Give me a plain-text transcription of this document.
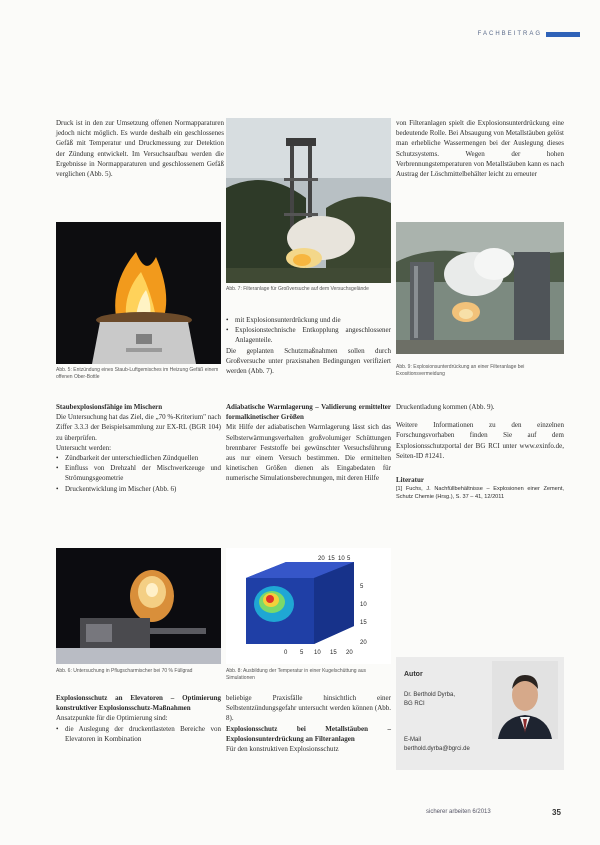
FACHBEITRAG

Druck ist in den zur Umsetzung offenen Normapparaturen jedoch nicht möglich. Es wurde deshalb ein geschlossenes Gefäß mit Temperatur und Druckmessung zur Detektion der Zündung entwickelt. Im Versuchsaufbau werden die Ergebnisse in Normapparaturen und geschlossenem Gefäß verglichen (Abb. 5).

von Filteranlagen spielt die Explosionsunterdrückung eine bedeutende Rolle. Bei Absaugung von Metallstäuben gelöst man erhebliche Wassermengen bei der Auslegung dieses Schutzsystems. Wegen der hohen Verbrennungstemperaturen von Metallstäuben kann es nach Austrag der Löschmittelbehälter leicht zu erneuter

Abb. 5: Entzündung eines Staub-Luftgemisches im Heizung Gefäß einem offenen Ober-Bottle
Abb. 7: Filteranlage für Großversuche auf dem Versuchsgelände
• mit Explosionsunterdrückung und die
• Explosionstechnische Entkopplung angeschlossener Anlagenteile.

Die geplanten Schutzmaßnahmen sollen durch Großversuche unter praxisnahen Bedingungen verifiziert werden (Abb. 7).

Abb. 9: Explosionsunterdrückung an einer Filteranlage bei Exositionsvermeidung

Staubexplosionsfähige im Mischern

Die Untersuchung hat das Ziel, die „70 %-Kriterium" nach Ziffer 3.3.3 der Beispielsammlung zur EX-RL (BGR 104) zu überprüfen.

Untersucht werden:

• Zündbarkeit der unterschiedlichen Zündquellen
• Einfluss von Drehzahl der Mischwerkzeuge und Strömungsgeometrie
• Druckentwicklung im Mischer (Abb. 6)

Adiabatische Warmlagerung – Validierung ermittelter formalkinetischer Größen

Mit Hilfe der adiabatischen Warmlagerung lässt sich das Selbsterwärmungsverhalten großvolumiger Schüttungen brennbarer Feststoffe bei gewünschter Versuchsführung aus nur einem Versuch bestimmen. Die ermittelten kinetischen Größen dienen als Eingabedaten für numerische Simulationsberechnungen, mit deren Hilfe

Druckentladung kommen (Abb. 9).

Weitere Informationen zu den einzelnen Forschungsvorhaben finden Sie auf dem Explosionsschutzportal der BG RCI unter www.exinfo.de, Seiten-ID #1241.

Literatur

[1] Fuchs, J. Nachfüllbehältnisse – Explosionen einer Zement, Schutz Chemie (Hrsg.), S. 37 – 41, 12/2011

Abb. 6: Untersuchung in Pflugscharmischer bei 70 % Füllgrad
20 15 10 5
0 5 10 15 20
5
10
15
20
Abb. 8: Ausbildung der Temperatur in einer Kugelschüttung aus Simulationen

Explosionsschutz an Elevatoren – Optimierung konstruktiver Explosionsschutz-Maßnahmen

Ansatzpunkte für die Optimierung sind:

• die Auslegung der druckentlasteten Bereiche von Elevatoren in Kombination

beliebige Praxisfälle hinsichtlich einer Selbstentzündungsgefahr untersucht werden können (Abb. 8).

Explosionsschutz bei Metallstäuben – Explosionsunterdrückung an Filteranlagen

Für den konstruktiven Explosionsschutz

Autor
Dr. Berthold Dyrba,
BG RCI
E-Mail
berthold.dyrba@bgrci.de
sicherer arbeiten 6/2013	35
